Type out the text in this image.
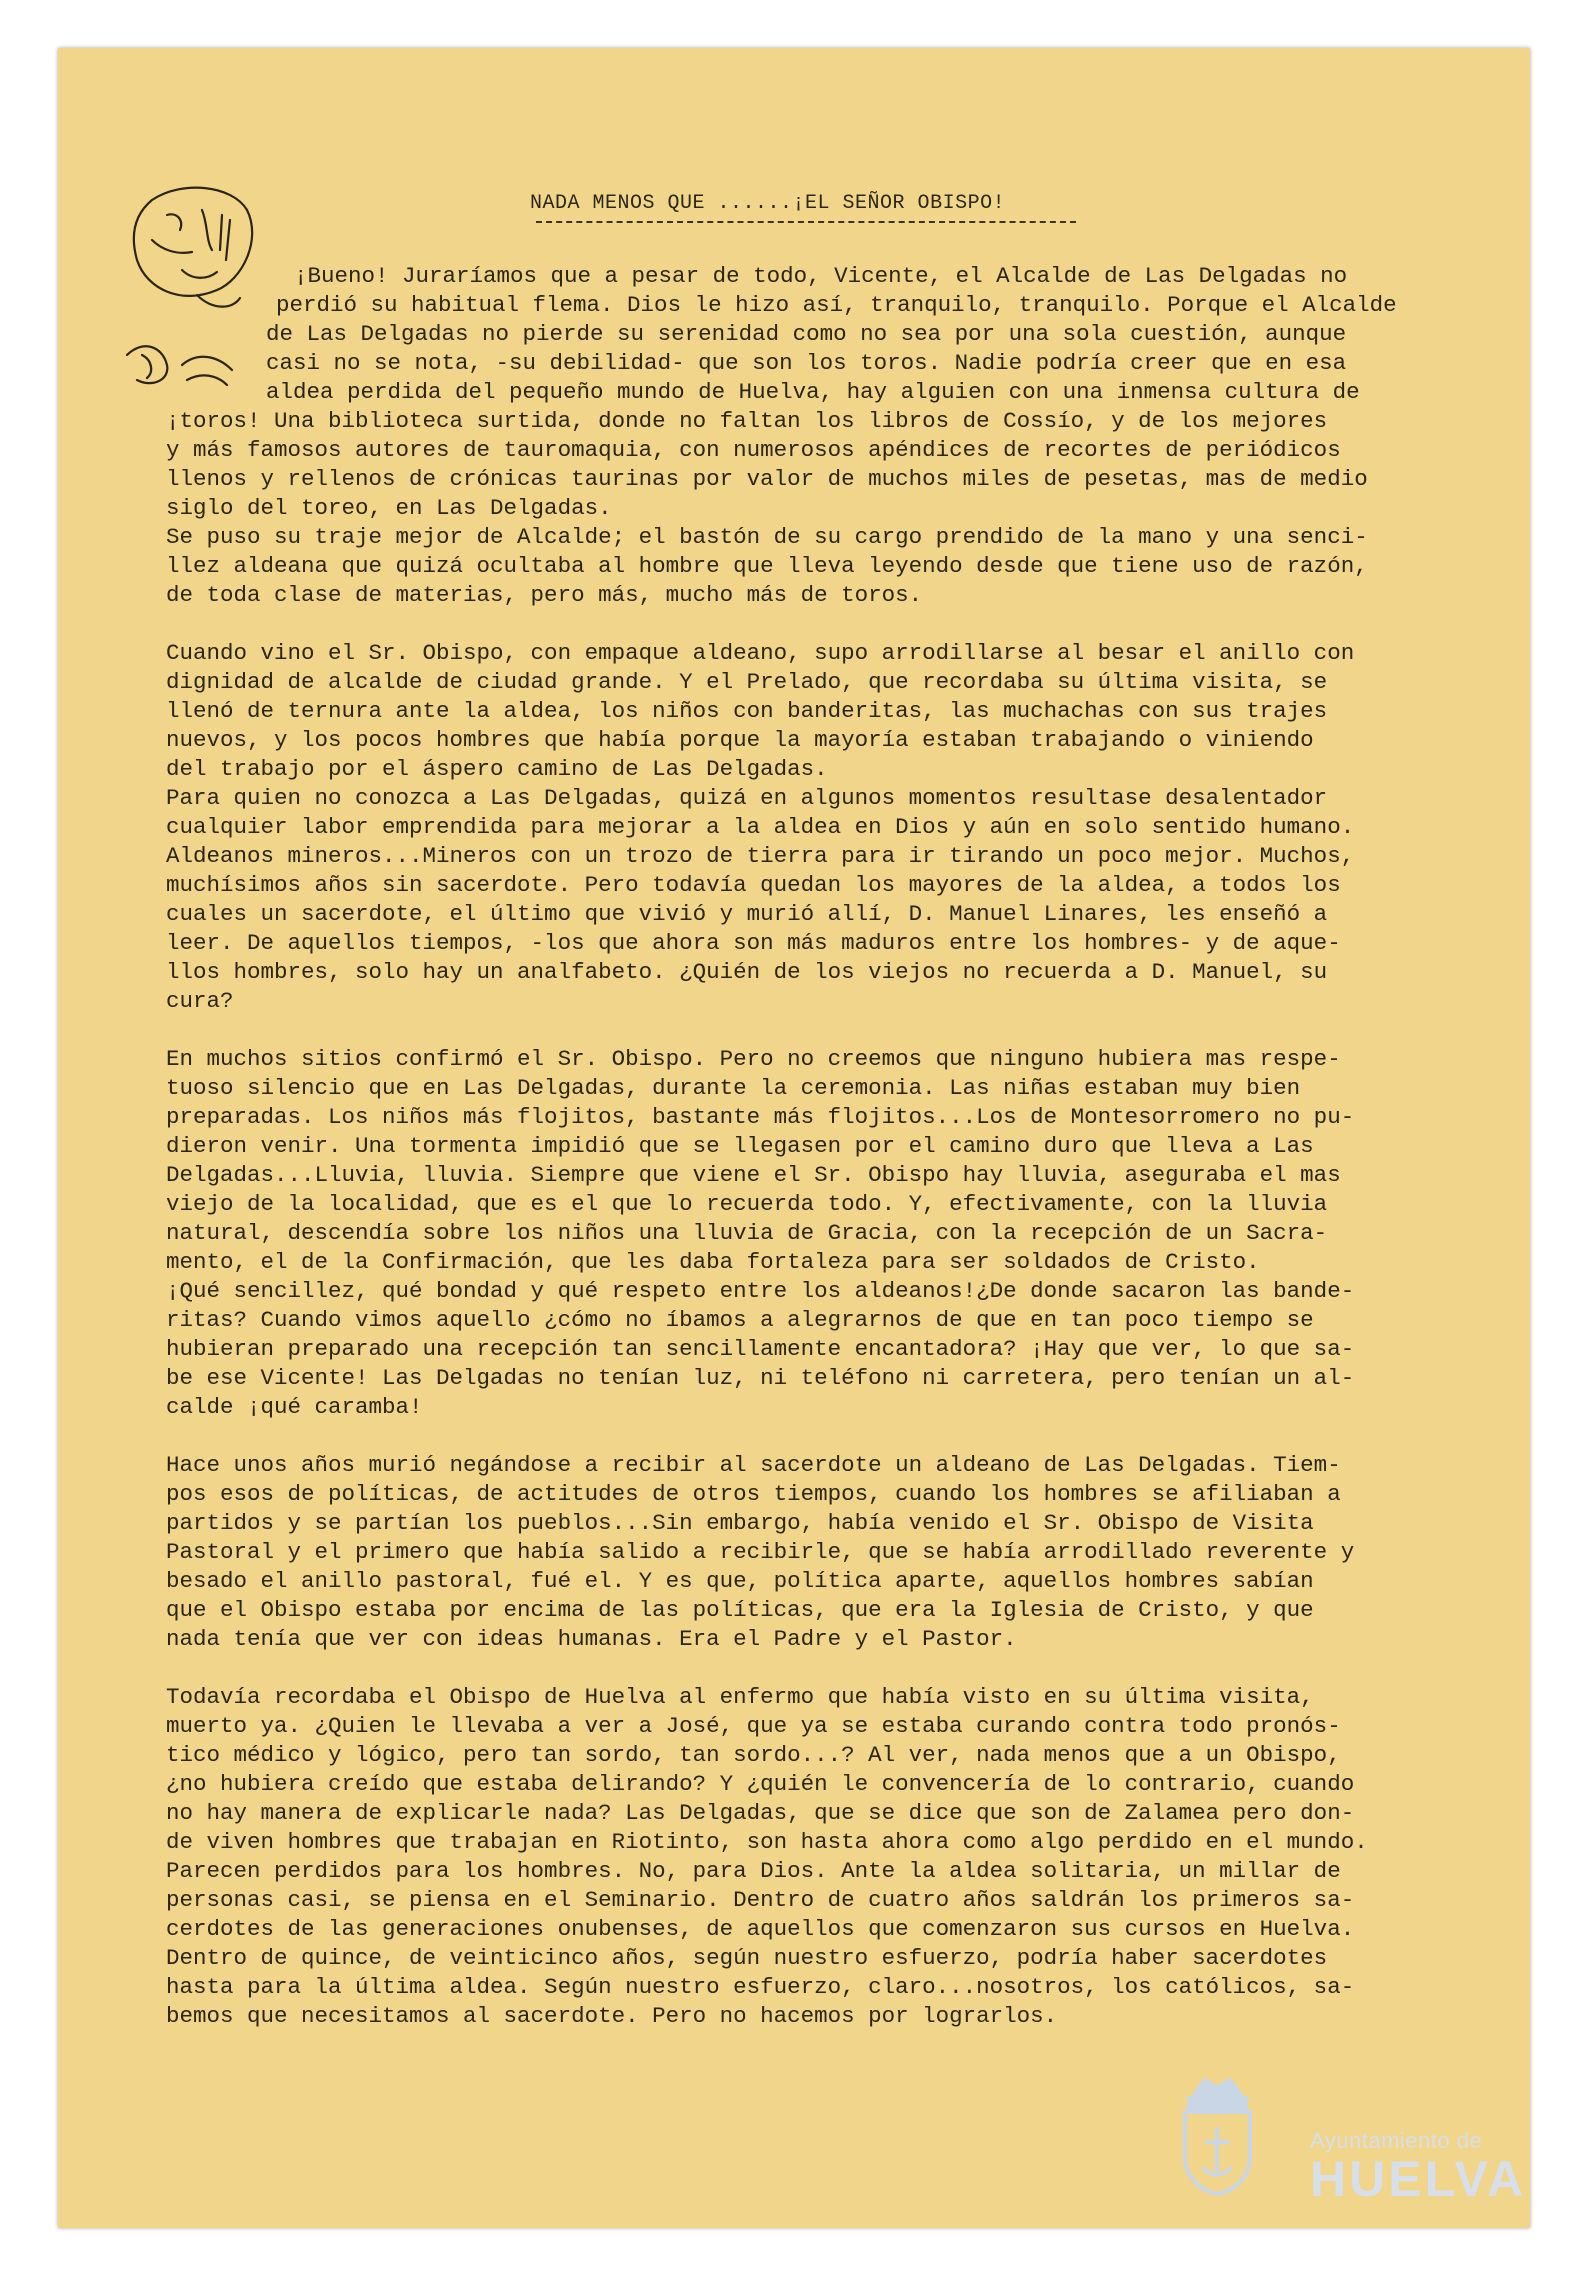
NADA MENOS QUE ......¡EL SEÑOR OBISPO!
¡Bueno! Juraríamos que a pesar de todo, Vicente, el Alcalde de Las Delgadas no
perdió su habitual flema. Dios le hizo así, tranquilo, tranquilo. Porque el Alcalde
de Las Delgadas no pierde su serenidad como no sea por una sola cuestión, aunque
casi no se nota, -su debilidad- que son los toros. Nadie podría creer que en esa
aldea perdida del pequeño mundo de Huelva, hay alguien con una inmensa cultura de
¡toros! Una biblioteca surtida, donde no faltan los libros de Cossío, y de los mejores
y más famosos autores de tauromaquia, con numerosos apéndices de recortes de periódicos
llenos y rellenos de crónicas taurinas por valor de muchos miles de pesetas, mas de medio
siglo del toreo, en Las Delgadas.
Se puso su traje mejor de Alcalde; el bastón de su cargo prendido de la mano y una senci-
llez aldeana que quizá ocultaba al hombre que lleva leyendo desde que tiene uso de razón,
de toda clase de materias, pero más, mucho más de toros.
Cuando vino el Sr. Obispo, con empaque aldeano, supo arrodillarse al besar el anillo con
dignidad de alcalde de ciudad grande. Y el Prelado, que recordaba su última visita, se
llenó de ternura ante la aldea, los niños con banderitas, las muchachas con sus trajes
nuevos, y los pocos hombres que había porque la mayoría estaban trabajando o viniendo
del trabajo por el áspero camino de Las Delgadas.
Para quien no conozca a Las Delgadas, quizá en algunos momentos resultase desalentador
cualquier labor emprendida para mejorar a la aldea en Dios y aún en solo sentido humano.
Aldeanos mineros...Mineros con un trozo de tierra para ir tirando un poco mejor. Muchos,
muchísimos años sin sacerdote. Pero todavía quedan los mayores de la aldea, a todos los
cuales un sacerdote, el último que vivió y murió allí, D. Manuel Linares, les enseñó a
leer. De aquellos tiempos, -los que ahora son más maduros entre los hombres- y de aque-
llos hombres, solo hay un analfabeto. ¿Quién de los viejos no recuerda a D. Manuel, su
cura?
En muchos sitios confirmó el Sr. Obispo. Pero no creemos que ninguno hubiera mas respe-
tuoso silencio que en Las Delgadas, durante la ceremonia. Las niñas estaban muy bien
preparadas. Los niños más flojitos, bastante más flojitos...Los de Montesorromero no pu-
dieron venir. Una tormenta impidió que se llegasen por el camino duro que lleva a Las
Delgadas...Lluvia, lluvia. Siempre que viene el Sr. Obispo hay lluvia, aseguraba el mas
viejo de la localidad, que es el que lo recuerda todo. Y, efectivamente, con la lluvia
natural, descendía sobre los niños una lluvia de Gracia, con la recepción de un Sacra-
mento, el de la Confirmación, que les daba fortaleza para ser soldados de Cristo.
¡Qué sencillez, qué bondad y qué respeto entre los aldeanos!¿De donde sacaron las bande-
ritas? Cuando vimos aquello ¿cómo no íbamos a alegrarnos de que en tan poco tiempo se
hubieran preparado una recepción tan sencillamente encantadora? ¡Hay que ver, lo que sa-
be ese Vicente! Las Delgadas no tenían luz, ni teléfono ni carretera, pero tenían un al-
calde ¡qué caramba!
Hace unos años murió negándose a recibir al sacerdote un aldeano de Las Delgadas. Tiem-
pos esos de políticas, de actitudes de otros tiempos, cuando los hombres se afiliaban a
partidos y se partían los pueblos...Sin embargo, había venido el Sr. Obispo de Visita
Pastoral y el primero que había salido a recibirle, que se había arrodillado reverente y
besado el anillo pastoral, fué el. Y es que, política aparte, aquellos hombres sabían
que el Obispo estaba por encima de las políticas, que era la Iglesia de Cristo, y que
nada tenía que ver con ideas humanas. Era el Padre y el Pastor.
Todavía recordaba el Obispo de Huelva al enfermo que había visto en su última visita,
muerto ya. ¿Quien le llevaba a ver a José, que ya se estaba curando contra todo pronós-
tico médico y lógico, pero tan sordo, tan sordo...? Al ver, nada menos que a un Obispo,
¿no hubiera creído que estaba delirando? Y ¿quién le convencería de lo contrario, cuando
no hay manera de explicarle nada? Las Delgadas, que se dice que son de Zalamea pero don-
de viven hombres que trabajan en Riotinto, son hasta ahora como algo perdido en el mundo.
Parecen perdidos para los hombres. No, para Dios. Ante la aldea solitaria, un millar de
personas casi, se piensa en el Seminario. Dentro de cuatro años saldrán los primeros sa-
cerdotes de las generaciones onubenses, de aquellos que comenzaron sus cursos en Huelva.
Dentro de quince, de veinticinco años, según nuestro esfuerzo, podría haber sacerdotes
hasta para la última aldea. Según nuestro esfuerzo, claro...nosotros, los católicos, sa-
bemos que necesitamos al sacerdote. Pero no hacemos por lograrlos.
Ayuntamiento de
HUELVA
